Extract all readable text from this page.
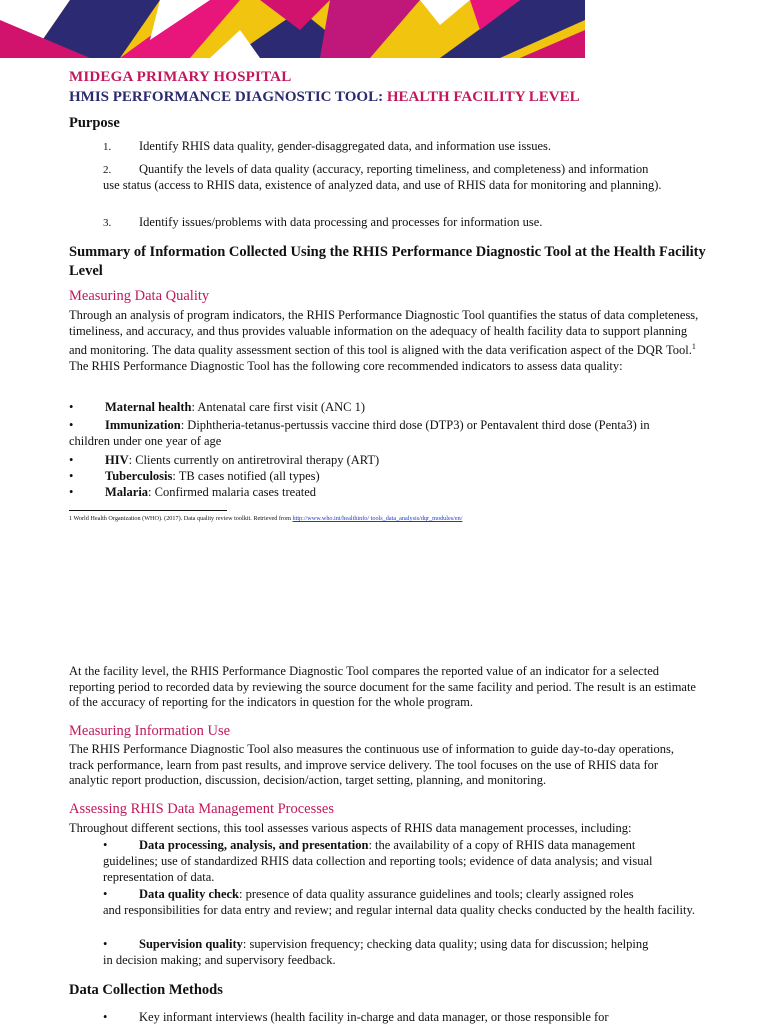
MIDEGA PRIMARY HOSPITAL
HMIS PERFORMANCE DIAGNOSTIC TOOL: HEALTH FACILITY LEVEL
Purpose
1. Identify RHIS data quality, gender-disaggregated data, and information use issues.
2. Quantify the levels of data quality (accuracy, reporting timeliness, and completeness) and information
use status (access to RHIS data, existence of analyzed data, and use of RHIS data for monitoring and planning).
3. Identify issues/problems with data processing and processes for information use.
Summary of Information Collected Using the RHIS Performance Diagnostic Tool at the Health Facility Level
Measuring Data Quality

Through an analysis of program indicators, the RHIS Performance Diagnostic Tool quantifies the status of data completeness, timeliness, and accuracy, and thus provides valuable information on the adequacy of health facility data to support planning and monitoring. The data quality assessment section of this tool is aligned with the data verification aspect of the DQR Tool.$^1$ The RHIS Performance Diagnostic Tool has the following core recommended indicators to assess data quality:

•	Maternal health: Antenatal care first visit (ANC 1)
•	Immunization: Diphtheria-tetanus-pertussis vaccine third dose (DTP3) or Pentavalent third dose (Penta3) in
children under one year of age
•	HIV: Clients currently on antiretroviral therapy (ART)
•	Tuberculosis: TB cases notified (all types)
•	Malaria: Confirmed malaria cases treated
1 World Health Organization (WHO). (2017). Data quality review toolkit. Retrieved from http://www.who.int/healthinfo/ tools_data_analysis/dqr_modules/en/

At the facility level, the RHIS Performance Diagnostic Tool compares the reported value of an indicator for a selected reporting period to recorded data by reviewing the source document for the same facility and period. The result is an estimate of the accuracy of reporting for the indicators in question for the whole program.

Measuring Information Use

The RHIS Performance Diagnostic Tool also measures the continuous use of information to guide day-to-day operations, track performance, learn from past results, and improve service delivery. The tool focuses on the use of RHIS data for analytic report production, discussion, decision/action, target setting, planning, and monitoring.

Assessing RHIS Data Management Processes

Throughout different sections, this tool assesses various aspects of RHIS data management processes, including:

•	Data processing, analysis, and presentation: the availability of a copy of RHIS data management
guidelines; use of standardized RHIS data collection and reporting tools; evidence of data analysis; and visual representation of data.
•	Data quality check: presence of data quality assurance guidelines and tools; clearly assigned roles
and responsibilities for data entry and review; and regular internal data quality checks conducted by the health facility.
•	Supervision quality: supervision frequency; checking data quality; using data for discussion; helping
in decision making; and supervisory feedback.
Data Collection Methods
•	Key informant interviews (health facility in-charge and data manager, or those responsible for
